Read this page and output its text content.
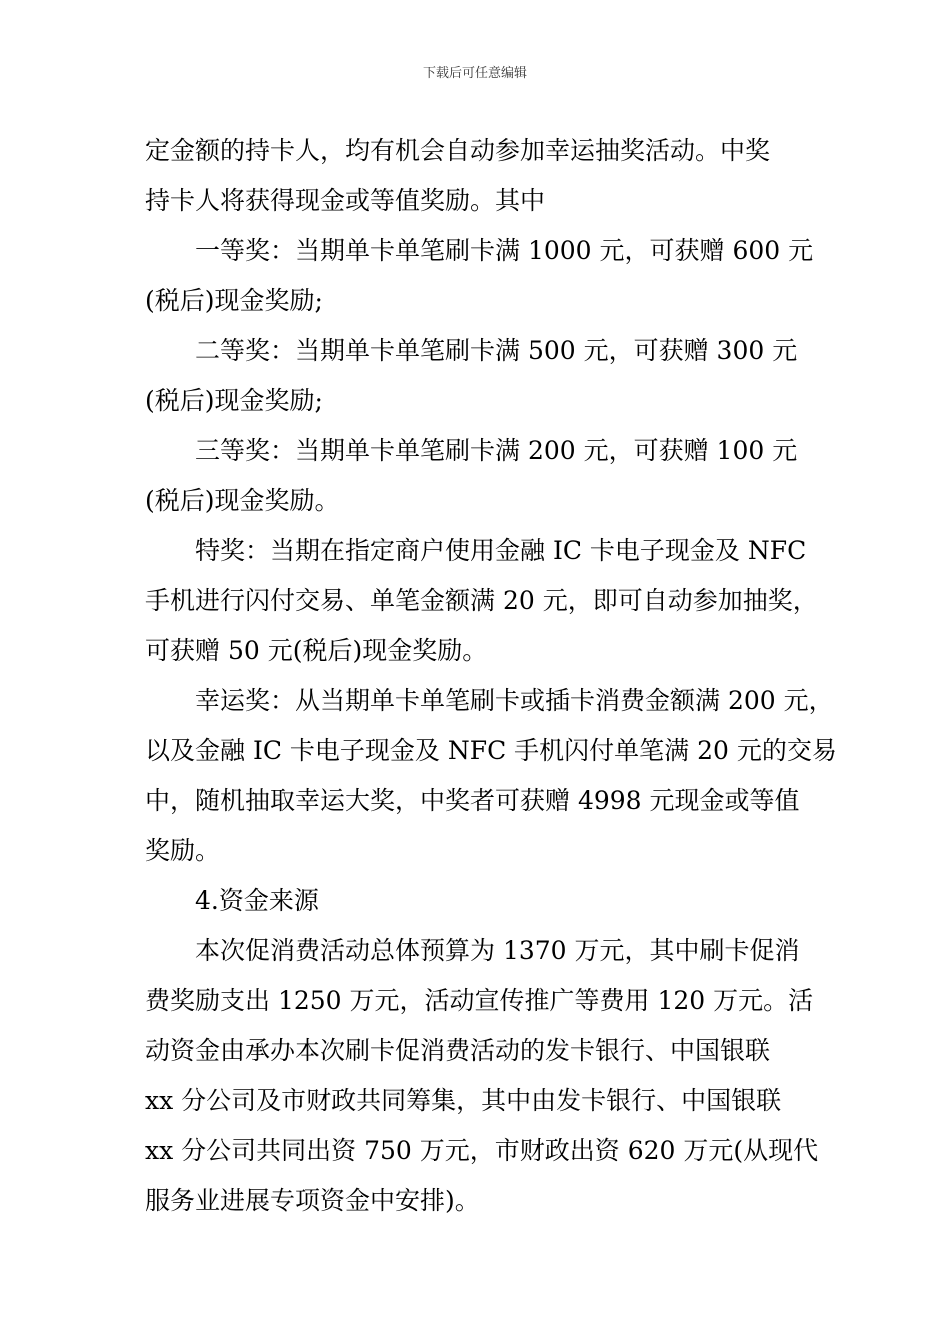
下载后可任意编辑
定金额的持卡人，均有机会自动参加幸运抽奖活动。中奖
持卡人将获得现金或等值奖励。其中
一等奖：当期单卡单笔刷卡满 1000 元，可获赠 600 元
(税后)现金奖励;
二等奖：当期单卡单笔刷卡满 500 元，可获赠 300 元
(税后)现金奖励;
三等奖：当期单卡单笔刷卡满 200 元，可获赠 100 元
(税后)现金奖励。
特奖：当期在指定商户使用金融 IC 卡电子现金及 NFC
手机进行闪付交易、单笔金额满 20 元，即可自动参加抽奖，
可获赠 50 元(税后)现金奖励。
幸运奖：从当期单卡单笔刷卡或插卡消费金额满 200 元，
以及金融 IC 卡电子现金及 NFC 手机闪付单笔满 20 元的交易
中，随机抽取幸运大奖，中奖者可获赠 4998 元现金或等值
奖励。
4.资金来源
本次促消费活动总体预算为 1370 万元，其中刷卡促消
费奖励支出 1250 万元，活动宣传推广等费用 120 万元。活
动资金由承办本次刷卡促消费活动的发卡银行、中国银联
xx 分公司及市财政共同筹集，其中由发卡银行、中国银联
xx 分公司共同出资 750 万元，市财政出资 620 万元(从现代
服务业进展专项资金中安排)。
